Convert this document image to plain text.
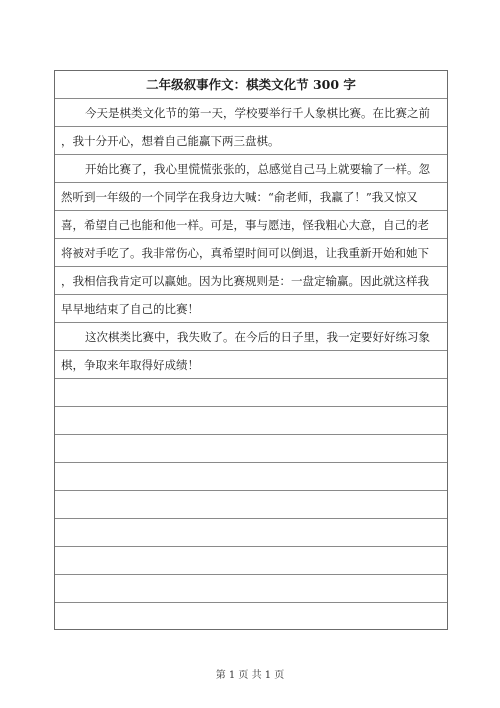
二年级叙事作文：棋类文化节 300 字
今天是棋类文化节的第一天，学校要举行千人象棋比赛。在比赛之前
，我十分开心，想着自己能赢下两三盘棋。
开始比赛了，我心里慌慌张张的，总感觉自己马上就要输了一样。忽
然听到一年级的一个同学在我身边大喊：“俞老师，我赢了！”我又惊又
喜，希望自己也能和他一样。可是，事与愿违，怪我粗心大意，自己的老
将被对手吃了。我非常伤心，真希望时间可以倒退，让我重新开始和她下
，我相信我肯定可以赢她。因为比赛规则是：一盘定输赢。因此就这样我
早早地结束了自己的比赛！
这次棋类比赛中，我失败了。在今后的日子里，我一定要好好练习象
棋，争取来年取得好成绩！
第 1 页 共 1 页
